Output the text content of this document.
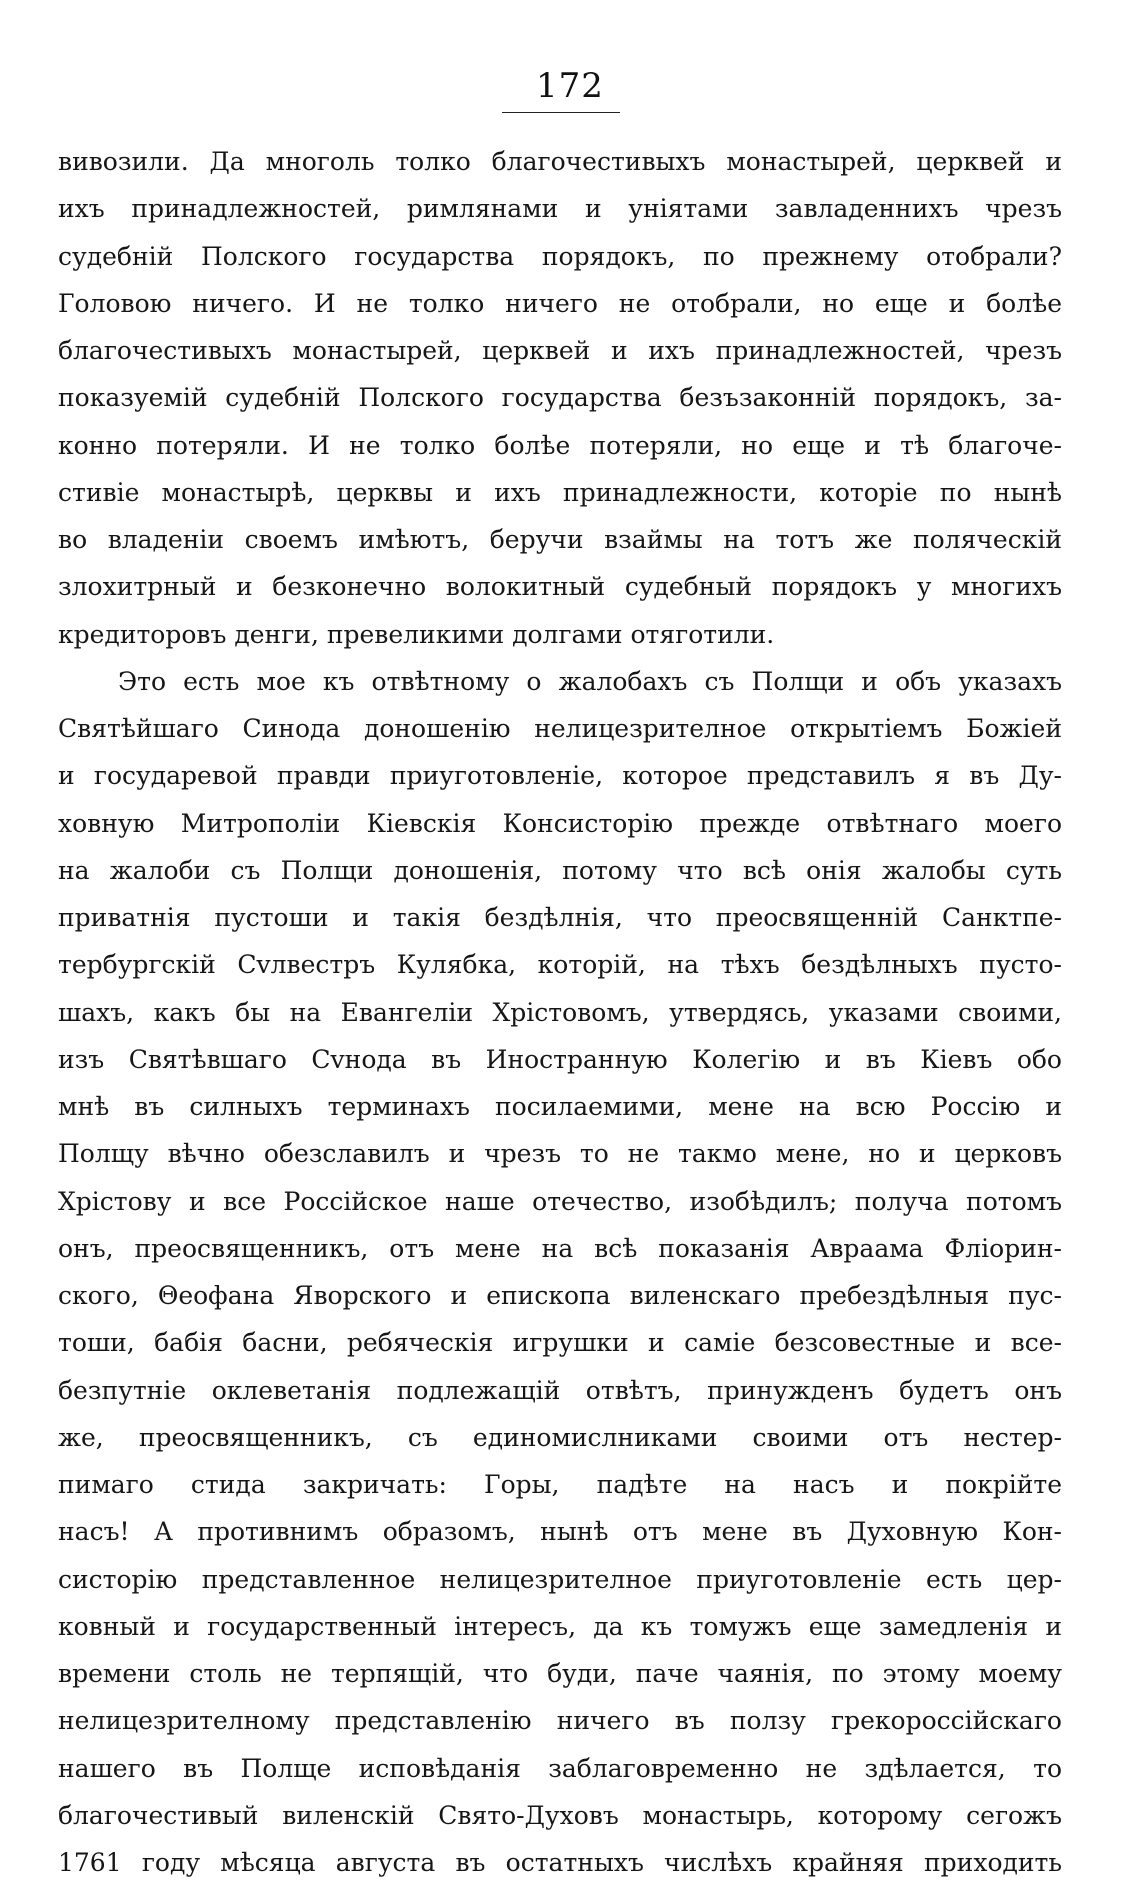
172
вивозили. Да многоль толко благочестивыхъ монастырей, церквей и
ихъ принадлежностей, римлянами и уніятами завладенниxъ чрезъ
судебній Полского государства порядокъ, по прежнему отобрали?
Головою ничего. И не толко ничего не отобрали, но еще и болѣе
благочестивыхъ монастырей, церквей и ихъ принадлежностей, чрезъ
показуемій судебній Полского государства безъзаконній порядокъ, за-
конно потеряли. И не толко болѣе потеряли, но еще и тѣ благоче-
стивіе монастырѣ, церквы и ихъ принадлежности, которіе по нынѣ
во владеніи своемъ имѣютъ, беручи взаймы на тотъ же поляческій
злохитрный и безконечно волокитный судебный порядокъ у многихъ
кредиторовъ денги, превеликими долгами отяготили.
Это есть мое къ отвѣтному о жалобахъ съ Полщи и объ указахъ
Святѣйшаго Синода доношенію нелицезрителное открытіемъ Божіей
и государевой правди приуготовленіе, которое представилъ я въ Ду-
ховную Митрополіи Кіевскія Консисторію прежде отвѣтнаго моего
на жалоби съ Полщи доношенія, потому что всѣ онія жалобы суть
приватнія пустоши и такія бездѣлнія, что преосвященній Санктпе-
тербургскій Сvлвестръ Кулябка, которій, на тѣхъ бездѣлныхъ пусто-
шахъ, какъ бы на Евангеліи Хрістовомъ, утвердясь, указами своими,
изъ Святѣвшаго Сvнода въ Иностранную Колегію и въ Кіевъ обо
мнѣ въ силныхъ терминахъ посилаемими, мене на всю Россію и
Полщу вѣчно обезславилъ и чрезъ то не такмо мене, но и церковъ
Хрістову и все Россійское наше отечество, изобѣдилъ; получа потомъ
онъ, преосвященникъ, отъ мене на всѣ показанія Авраама Фліорин-
ского, Θеофана Яворского и епископа виленскаго пребездѣлныя пус-
тоши, бабія басни, ребяческія игрушки и саміе безсовестные и все-
безпутніе оклеветанія подлежащій отвѣтъ, принужденъ будетъ онъ
же, преосвященникъ, съ единомислниками своими отъ нестер-
пимаго стида закричать: Горы, падѣте на насъ и покрійте
насъ! А противнимъ образомъ, нынѣ отъ мене въ Духовную Кон-
систорію представленное нелицезрителное приуготовленіе есть цер-
ковный и государственный інтересъ, да къ томужъ еще замедленія и
времени столь не терпящій, что буди, паче чаянія, по этому моему
нелицезрителному представленію ничего въ ползу грекороссійскаго
нашего въ Полще исповѣданія заблаговременно не здѣлается, то
благочестивый виленскій Свято-Духовъ монастырь, которому сегожъ
1761 году мѣсяца августа въ остатныхъ числѣхъ крайняя приходить
